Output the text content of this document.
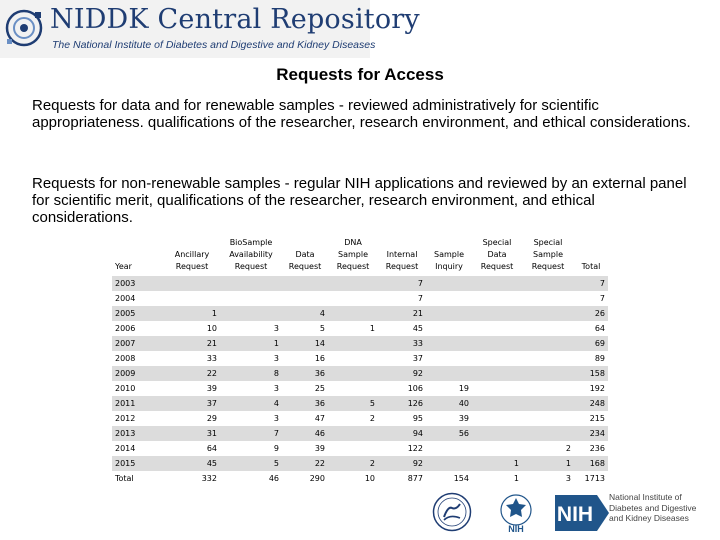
NIDDK Central Repository
The National Institute of Diabetes and Digestive and Kidney Diseases
Requests for Access
Requests for data and for renewable samples - reviewed administratively for scientific appropriateness. qualifications of the researcher, research environment, and ethical considerations.
Requests for non-renewable samples - regular NIH applications and reviewed by an external panel for scientific merit, qualifications of the researcher, research environment, and ethical considerations.
Year	Ancillary Request	BioSample Availability Request	Data Request	DNA Sample Request	Internal Request	Sample Inquiry	Special Data Request	Special Sample Request	Total
2003					7				7
2004					7				7
2005	1		4		21				26
2006	10	3	5	1	45				64
2007	21	1	14		33				69
2008	33	3	16		37				89
2009	22	8	36		92				158
2010	39	3	25		106	19			192
2011	37	4	36	5	126	40			248
2012	29	3	47	2	95	39			215
2013	31	7	46		94	56			234
2014	64	9	39		122			2	236
2015	45	5	22	2	92		1	1	168
Total	332	46	290	10	877	154	1	3	1713
NIH
NIH
National Institute of
Diabetes and Digestive
and Kidney Diseases
